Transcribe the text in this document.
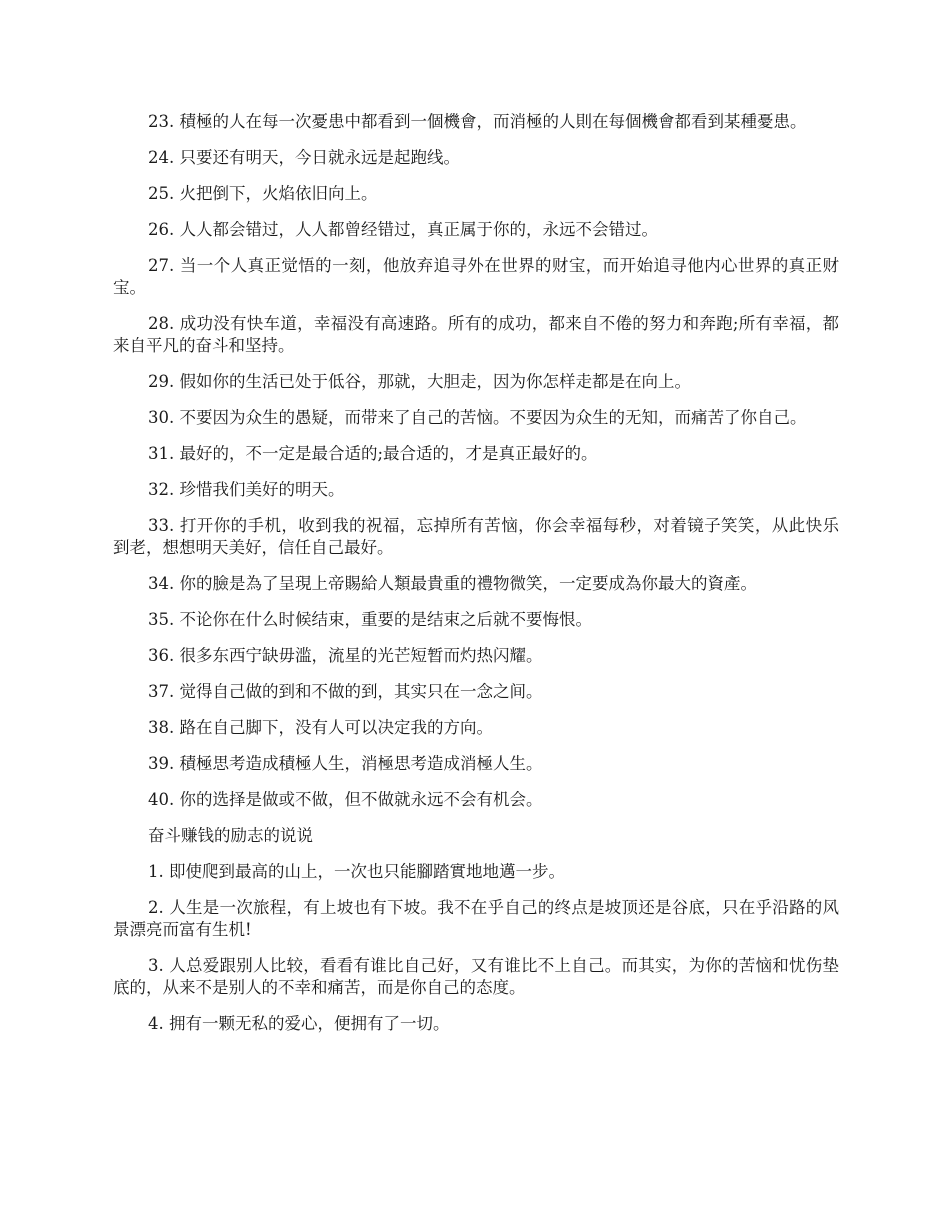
23. 積極的人在每一次憂患中都看到一個機會，而消極的人則在每個機會都看到某種憂患。

24. 只要还有明天，今日就永远是起跑线。

25. 火把倒下，火焰依旧向上。

26. 人人都会错过，人人都曾经错过，真正属于你的，永远不会错过。

27. 当一个人真正觉悟的一刻，他放弃追寻外在世界的财宝，而开始追寻他内心世界的真正财宝。

28. 成功没有快车道，幸福没有高速路。所有的成功，都来自不倦的努力和奔跑;所有幸福，都来自平凡的奋斗和坚持。

29. 假如你的生活已处于低谷，那就，大胆走，因为你怎样走都是在向上。

30. 不要因为众生的愚疑，而带来了自己的苦恼。不要因为众生的无知，而痛苦了你自己。

31. 最好的，不一定是最合适的;最合适的，才是真正最好的。

32. 珍惜我们美好的明天。

33. 打开你的手机，收到我的祝福，忘掉所有苦恼，你会幸福每秒，对着镜子笑笑，从此快乐到老，想想明天美好，信任自己最好。

34. 你的臉是為了呈現上帝賜給人類最貴重的禮物微笑，一定要成為你最大的資產。

35. 不论你在什么时候结束，重要的是结束之后就不要悔恨。

36. 很多东西宁缺毋滥，流星的光芒短暂而灼热闪耀。

37. 觉得自己做的到和不做的到，其实只在一念之间。

38. 路在自己脚下，没有人可以决定我的方向。

39. 積極思考造成積極人生，消極思考造成消極人生。

40. 你的选择是做或不做，但不做就永远不会有机会。

奋斗赚钱的励志的说说

1. 即使爬到最高的山上，一次也只能腳踏實地地邁一步。

2. 人生是一次旅程，有上坡也有下坡。我不在乎自己的终点是坡顶还是谷底，只在乎沿路的风景漂亮而富有生机!

3. 人总爱跟别人比较，看看有谁比自己好，又有谁比不上自己。而其实，为你的苦恼和忧伤垫底的，从来不是别人的不幸和痛苦，而是你自己的态度。

4. 拥有一颗无私的爱心，便拥有了一切。
